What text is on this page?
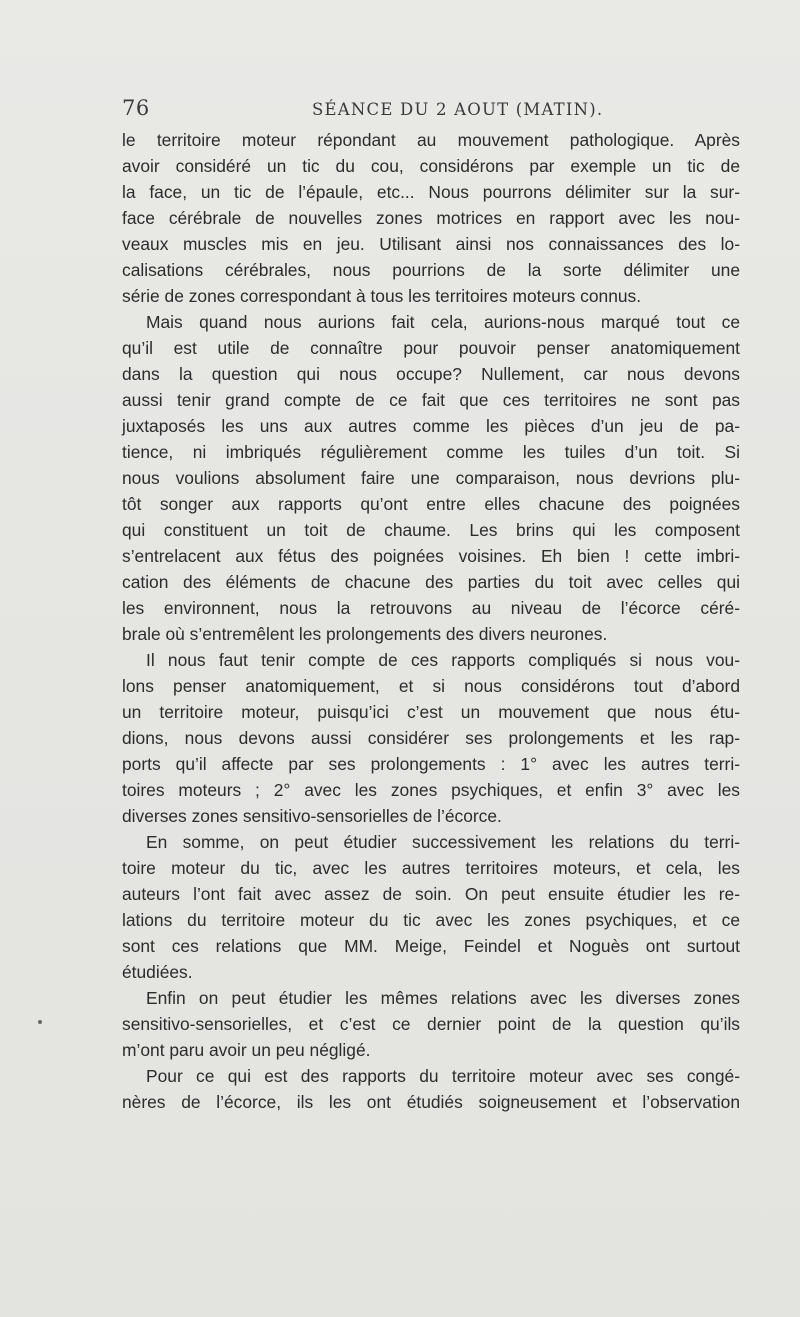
76	SÉANCE DU 2 AOUT (MATIN).
le territoire moteur répondant au mouvement pathologique. Après
avoir considéré un tic du cou, considérons par exemple un tic de
la face, un tic de l’épaule, etc... Nous pourrons délimiter sur la sur-
face cérébrale de nouvelles zones motrices en rapport avec les nou-
veaux muscles mis en jeu. Utilisant ainsi nos connaissances des lo-
calisations cérébrales, nous pourrions de la sorte délimiter une
série de zones correspondant à tous les territoires moteurs connus.
Mais quand nous aurions fait cela, aurions-nous marqué tout ce
qu’il est utile de connaître pour pouvoir penser anatomiquement
dans la question qui nous occupe? Nullement, car nous devons
aussi tenir grand compte de ce fait que ces territoires ne sont pas
juxtaposés les uns aux autres comme les pièces d’un jeu de pa-
tience, ni imbriqués régulièrement comme les tuiles d’un toit. Si
nous voulions absolument faire une comparaison, nous devrions plu-
tôt songer aux rapports qu’ont entre elles chacune des poignées
qui constituent un toit de chaume. Les brins qui les composent
s’entrelacent aux fétus des poignées voisines. Eh bien ! cette imbri-
cation des éléments de chacune des parties du toit avec celles qui
les environnent, nous la retrouvons au niveau de l’écorce céré-
brale où s’entremêlent les prolongements des divers neurones.
Il nous faut tenir compte de ces rapports compliqués si nous vou-
lons penser anatomiquement, et si nous considérons tout d’abord
un territoire moteur, puisqu’ici c’est un mouvement que nous étu-
dions, nous devons aussi considérer ses prolongements et les rap-
ports qu’il affecte par ses prolongements : 1° avec les autres terri-
toires moteurs ; 2° avec les zones psychiques, et enfin 3° avec les
diverses zones sensitivo-sensorielles de l’écorce.
En somme, on peut étudier successivement les relations du terri-
toire moteur du tic, avec les autres territoires moteurs, et cela, les
auteurs l’ont fait avec assez de soin. On peut ensuite étudier les re-
lations du territoire moteur du tic avec les zones psychiques, et ce
sont ces relations que MM. Meige, Feindel et Noguès ont surtout
étudiées.
Enfin on peut étudier les mêmes relations avec les diverses zones
sensitivo-sensorielles, et c’est ce dernier point de la question qu’ils
m’ont paru avoir un peu négligé.
Pour ce qui est des rapports du territoire moteur avec ses congé-
nères de l’écorce, ils les ont étudiés soigneusement et l’observation
